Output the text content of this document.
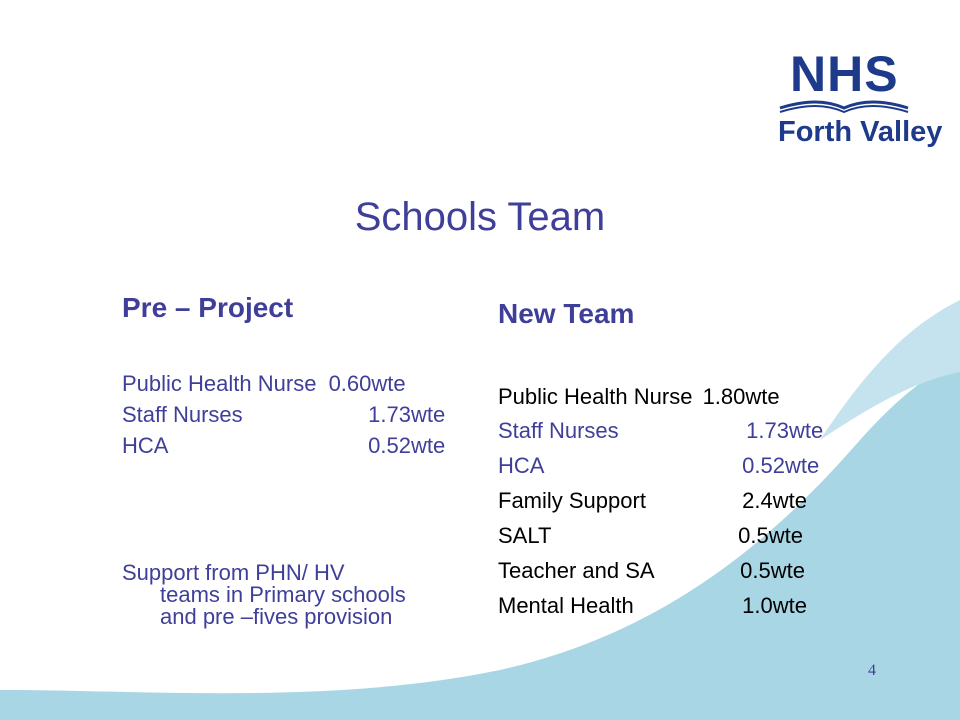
NHS
Forth Valley
Schools Team
Pre – Project
Public Health Nurse 0.60wte
Staff Nurses	1.73wte
HCA	0.52wte
Support from PHN/ HV
teams in Primary schools
and pre –fives provision
New Team
Public Health Nurse 1.80wte
Staff Nurses	1.73wte
HCA	0.52wte
Family Support	2.4wte
SALT	0.5wte
Teacher and SA	0.5wte
Mental Health	1.0wte
4
